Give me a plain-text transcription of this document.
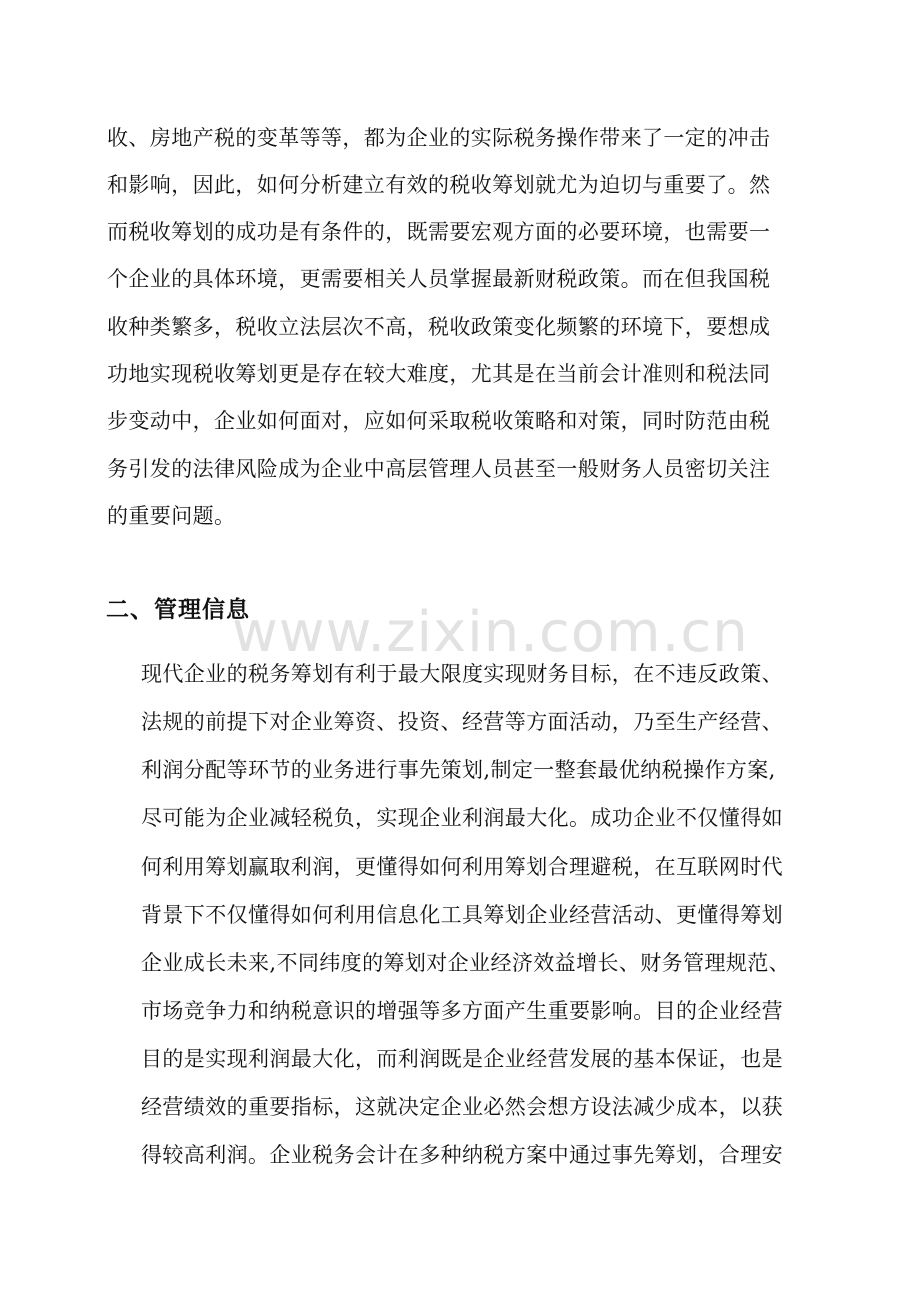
收、房地产税的变革等等，都为企业的实际税务操作带来了一定的冲击
和影响，因此，如何分析建立有效的税收筹划就尤为迫切与重要了。然
而税收筹划的成功是有条件的，既需要宏观方面的必要环境，也需要一
个企业的具体环境，更需要相关人员掌握最新财税政策。而在但我国税
收种类繁多，税收立法层次不高，税收政策变化频繁的环境下，要想成
功地实现税收筹划更是存在较大难度，尤其是在当前会计准则和税法同
步变动中，企业如何面对，应如何采取税收策略和对策，同时防范由税
务引发的法律风险成为企业中高层管理人员甚至一般财务人员密切关注
的重要问题。
二、管理信息
www.zixin.com.cn
现代企业的税务筹划有利于最大限度实现财务目标，在不违反政策、
法规的前提下对企业筹资、投资、经营等方面活动，乃至生产经营、
利润分配等环节的业务进行事先策划,制定一整套最优纳税操作方案,
尽可能为企业减轻税负，实现企业利润最大化。成功企业不仅懂得如
何利用筹划赢取利润，更懂得如何利用筹划合理避税，在互联网时代
背景下不仅懂得如何利用信息化工具筹划企业经营活动、更懂得筹划
企业成长未来,不同纬度的筹划对企业经济效益增长、财务管理规范、
市场竞争力和纳税意识的增强等多方面产生重要影响。目的企业经营
目的是实现利润最大化，而利润既是企业经营发展的基本保证，也是
经营绩效的重要指标，这就决定企业必然会想方设法减少成本，以获
得较高利润。企业税务会计在多种纳税方案中通过事先筹划，合理安
